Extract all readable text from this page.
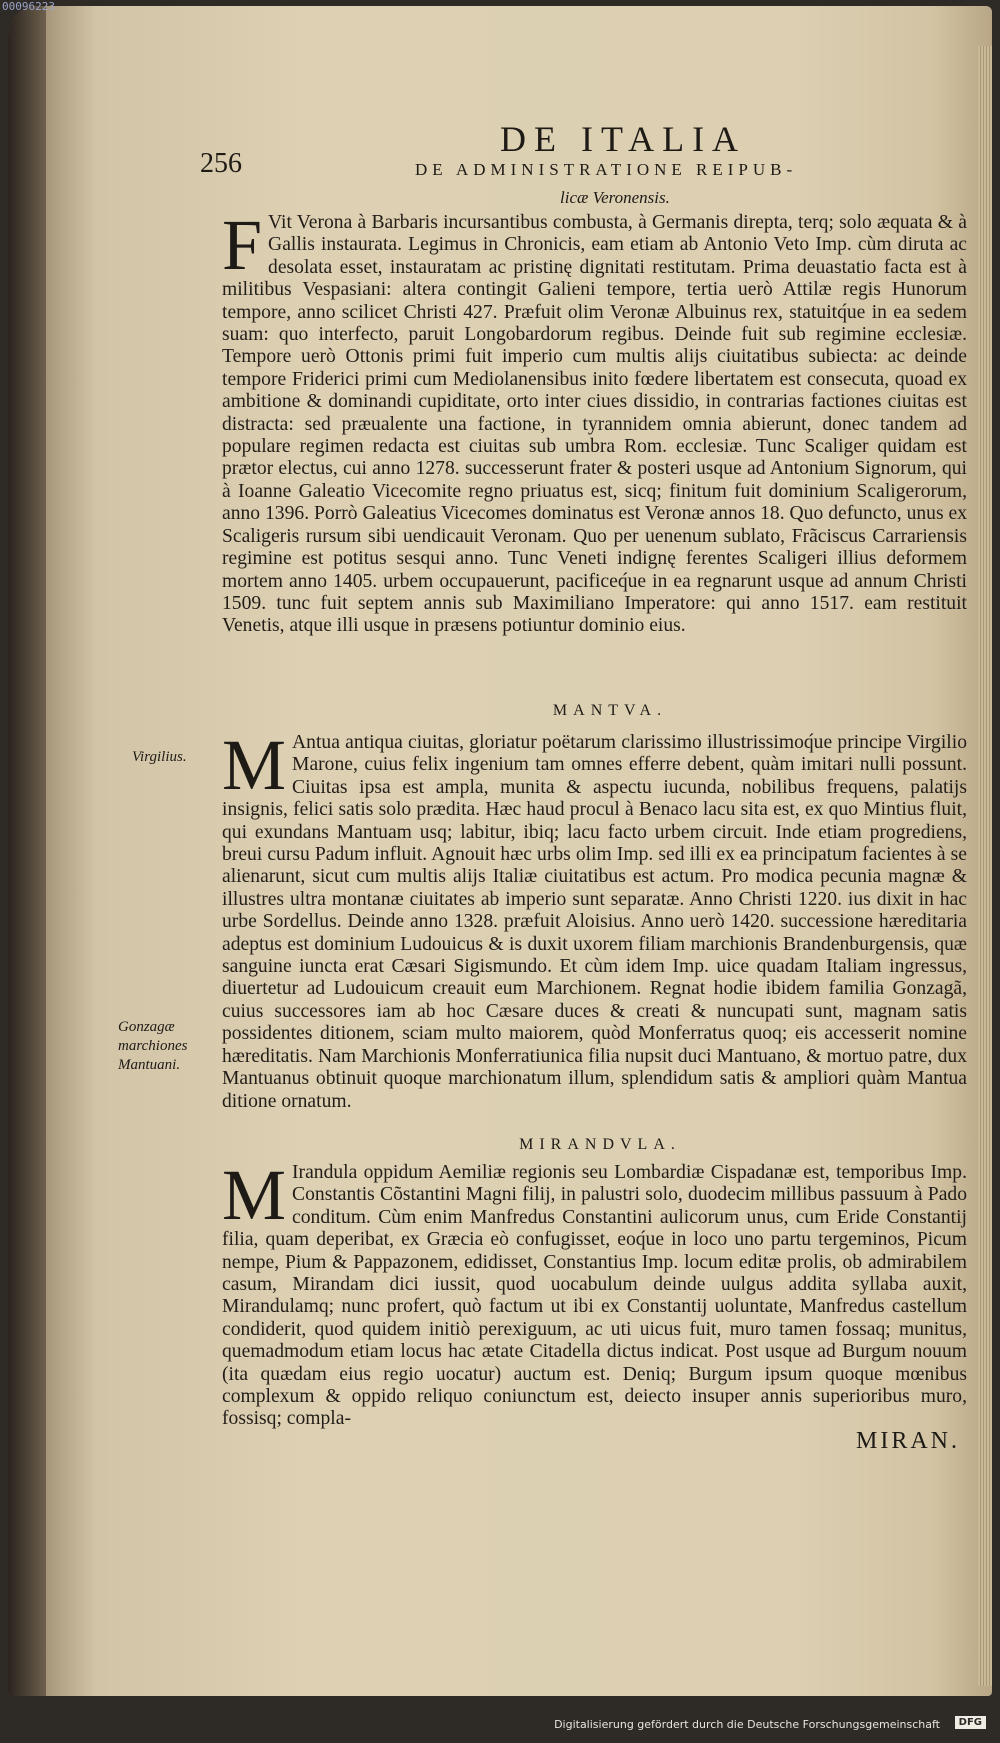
00096223
256
DE ITALIA
DE ADMINISTRATIONE REIPUB-
licæ Veronensis.
F Vit Verona à Barbaris incursantibus combusta, à Germanis direpta, terq; solo æquata & à Gallis instaurata. Legimus in Chronicis, eam etiam ab Antonio Veto Imp. cùm diruta ac desolata esset, instauratam ac pristinę dignitati restitutam. Prima deuastatio facta est à militibus Vespasiani: altera contingit Galieni tempore, tertia uerò Attilæ regis Hunorum tempore, anno scilicet Christi 427. Præfuit olim Veronæ Albuinus rex, statuitq́ue in ea sedem suam: quo interfecto, paruit Longobardorum regibus. Deinde fuit sub regimine ecclesiæ. Tempore uerò Ottonis primi fuit imperio cum multis alijs ciuitatibus subiecta: ac deinde tempore Friderici primi cum Mediolanensibus inito fœdere libertatem est consecuta, quoad ex ambitione & dominandi cupiditate, orto inter ciues dissidio, in contrarias factiones ciuitas est distracta: sed præualente una factione, in tyrannidem omnia abierunt, donec tandem ad populare regimen redacta est ciuitas sub umbra Rom. ecclesiæ. Tunc Scaliger quidam est prætor electus, cui anno 1278. successerunt frater & posteri usque ad Antonium Signorum, qui à Ioanne Galeatio Vicecomite regno priuatus est, sicq; finitum fuit dominium Scaligerorum, anno 1396. Porrò Galeatius Vicecomes dominatus est Veronæ annos 18. Quo defuncto, unus ex Scaligeris rursum sibi uendicauit Veronam. Quo per uenenum sublato, Frãciscus Carrariensis regimine est potitus sesqui anno. Tunc Veneti indignę ferentes Scaligeri illius deformem mortem anno 1405. urbem occupauerunt, pacificeq́ue in ea regnarunt usque ad annum Christi 1509. tunc fuit septem annis sub Maximiliano Imperatore: qui anno 1517. eam restituit Venetis, atque illi usque in præsens potiuntur dominio eius.

MANTVA.
Virgilius.
Gonzagæ marchiones Mantuani.
M Antua antiqua ciuitas, gloriatur poëtarum clarissimo illustrissimoq́ue principe Virgilio Marone, cuius felix ingenium tam omnes efferre debent, quàm imitari nulli possunt. Ciuitas ipsa est ampla, munita & aspectu iucunda, nobilibus frequens, palatijs insignis, felici satis solo prædita. Hæc haud procul à Benaco lacu sita est, ex quo Mintius fluit, qui exundans Mantuam usq; labitur, ibiq; lacu facto urbem circuit. Inde etiam progrediens, breui cursu Padum influit. Agnouit hæc urbs olim Imp. sed illi ex ea principatum facientes à se alienarunt, sicut cum multis alijs Italiæ ciuitatibus est actum. Pro modica pecunia magnæ & illustres ultra montanæ ciuitates ab imperio sunt separatæ. Anno Christi 1220. ius dixit in hac urbe Sordellus. Deinde anno 1328. præfuit Aloisius. Anno uerò 1420. successione hæreditaria adeptus est dominium Ludouicus & is duxit uxorem filiam marchionis Brandenburgensis, quæ sanguine iuncta erat Cæsari Sigismundo. Et cùm idem Imp. uice quadam Italiam ingressus, diuertetur ad Ludouicum creauit eum Marchionem. Regnat hodie ibidem familia Gonzagã, cuius successores iam ab hoc Cæsare duces & creati & nuncupati sunt, magnam satis possidentes ditionem, sciam multo maiorem, quòd Monferratus quoq; eis accesserit nomine hæreditatis. Nam Marchionis Monferratiunica filia nupsit duci Mantuano, & mortuo patre, dux Mantuanus obtinuit quoque marchionatum illum, splendidum satis & ampliori quàm Mantua ditione ornatum.

MIRANDVLA.
M Irandula oppidum Aemiliæ regionis seu Lombardiæ Cispadanæ est, temporibus Imp. Constantis Cõstantini Magni filij, in palustri solo, duodecim millibus passuum à Pado conditum. Cùm enim Manfredus Constantini aulicorum unus, cum Eride Constantij filia, quam deperibat, ex Græcia eò confugisset, eoq́ue in loco uno partu tergeminos, Picum nempe, Pium & Pappazonem, edidisset, Constantius Imp. locum editæ prolis, ob admirabilem casum, Mirandam dici iussit, quod uocabulum deinde uulgus addita syllaba auxit, Mirandulamq; nunc profert, quò factum ut ibi ex Constantij uoluntate, Manfredus castellum condiderit, quod quidem initiò perexiguum, ac uti uicus fuit, muro tamen fossaq; munitus, quemadmodum etiam locus hac ætate Citadella dictus indicat. Post usque ad Burgum nouum (ita quædam eius regio uocatur) auctum est. Deniq; Burgum ipsum quoque mœnibus complexum & oppido reliquo coniunctum est, deiecto insuper annis superioribus muro, fossisq; compla-

MIRAN.
Digitalisierung gefördert durch die Deutsche Forschungsgemeinschaft	DFG
